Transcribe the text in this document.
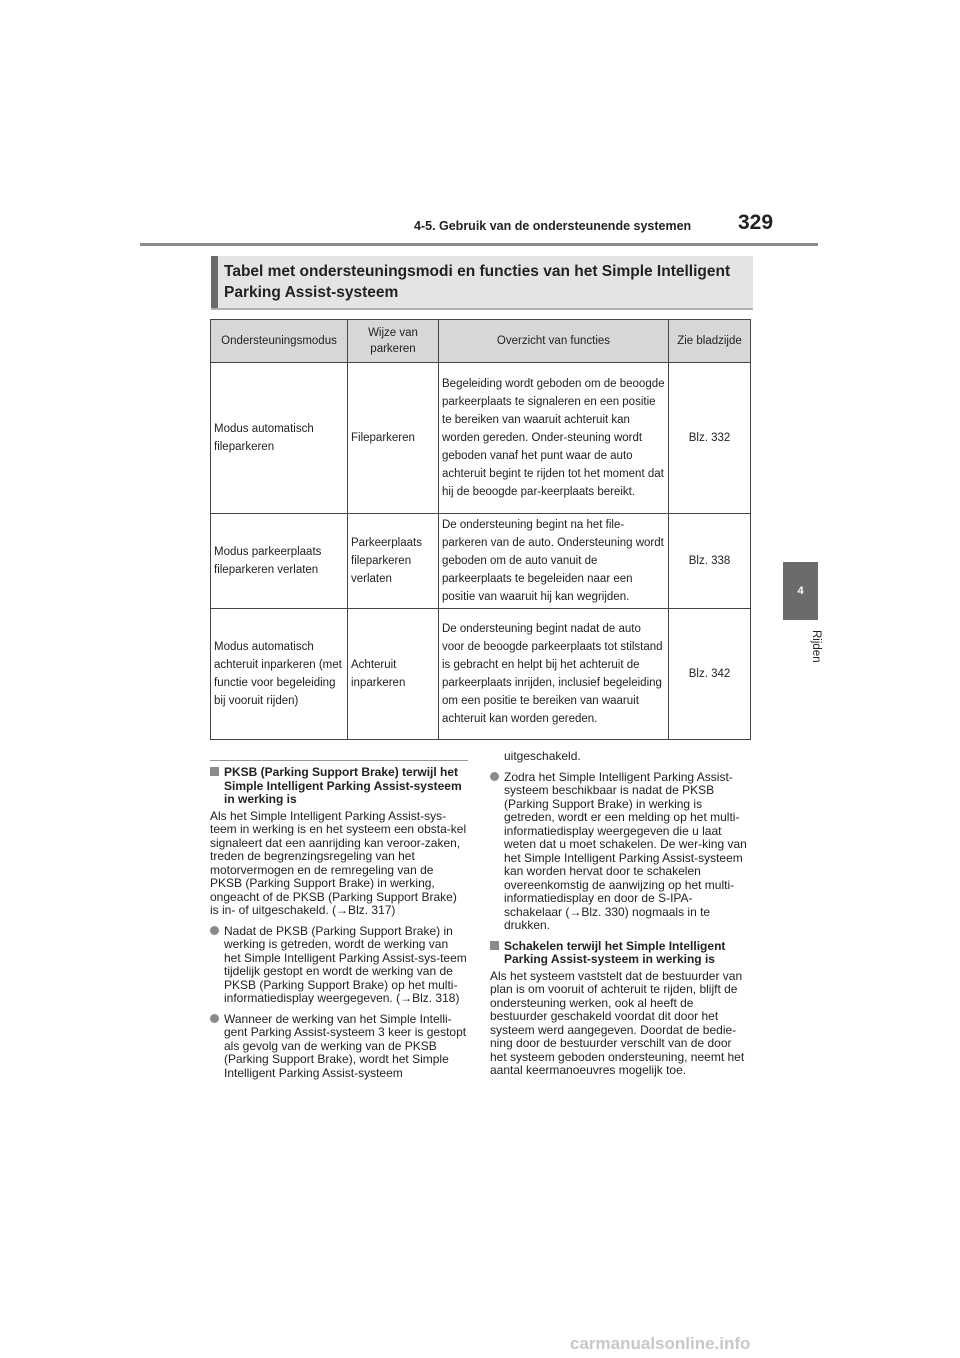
4-5. Gebruik van de ondersteunende systemen 329
4
Rijden
Tabel met ondersteuningsmodi en functies van het Simple Intelligent Parking Assist-systeem
Ondersteuningsmodus	Wijze van parkeren	Overzicht van functies	Zie bladzijde
Modus automatisch fileparkeren	Fileparkeren	Begeleiding wordt geboden om de beoogde parkeerplaats te signaleren en een positie te bereiken van waaruit achteruit kan worden gereden. Onder-steuning wordt geboden vanaf het punt waar de auto achteruit begint te rijden tot het moment dat hij de beoogde par-keerplaats bereikt.	Blz. 332
Modus parkeerplaats fileparkeren verlaten	Parkeerplaats fileparkeren verlaten	De ondersteuning begint na het file-parkeren van de auto. Ondersteuning wordt geboden om de auto vanuit de parkeerplaats te begeleiden naar een positie van waaruit hij kan wegrijden.	Blz. 338
Modus automatisch achteruit inparkeren (met functie voor begeleiding bij vooruit rijden)	Achteruit inparkeren	De ondersteuning begint nadat de auto voor de beoogde parkeerplaats tot stilstand is gebracht en helpt bij het achteruit de parkeerplaats inrijden, inclusief begeleiding om een positie te bereiken van waaruit achteruit kan worden gereden.	Blz. 342

PKSB (Parking Support Brake) terwijl het Simple Intelligent Parking Assist-systeem in werking is

Als het Simple Intelligent Parking Assist-sys-teem in werking is en het systeem een obsta-kel signaleert dat een aanrijding kan veroor-zaken, treden de begrenzingsregeling van het motorvermogen en de remregeling van de PKSB (Parking Support Brake) in werking, ongeacht of de PKSB (Parking Support Brake) is in- of uitgeschakeld. (→Blz. 317)

Nadat de PKSB (Parking Support Brake) in werking is getreden, wordt de werking van het Simple Intelligent Parking Assist-sys-teem tijdelijk gestopt en wordt de werking van de PKSB (Parking Support Brake) op het multi-informatiedisplay weergegeven. (→Blz. 318)

Wanneer de werking van het Simple Intelli-gent Parking Assist-systeem 3 keer is gestopt als gevolg van de werking van de PKSB (Parking Support Brake), wordt het Simple Intelligent Parking Assist-systeem

uitgeschakeld.

Zodra het Simple Intelligent Parking Assist-systeem beschikbaar is nadat de PKSB (Parking Support Brake) in werking is getreden, wordt er een melding op het multi-informatiedisplay weergegeven die u laat weten dat u moet schakelen. De wer-king van het Simple Intelligent Parking Assist-systeem kan worden hervat door te schakelen overeenkomstig de aanwijzing op het multi-informatiedisplay en door de S-IPA-schakelaar (→Blz. 330) nogmaals in te drukken.

Schakelen terwijl het Simple Intelligent Parking Assist-systeem in werking is

Als het systeem vaststelt dat de bestuurder van plan is om vooruit of achteruit te rijden, blijft de ondersteuning werken, ook al heeft de bestuurder geschakeld voordat dit door het systeem werd aangegeven. Doordat de bedie-ning door de bestuurder verschilt van de door het systeem geboden ondersteuning, neemt het aantal keermanoeuvres mogelijk toe.

carmanualsonline.info
